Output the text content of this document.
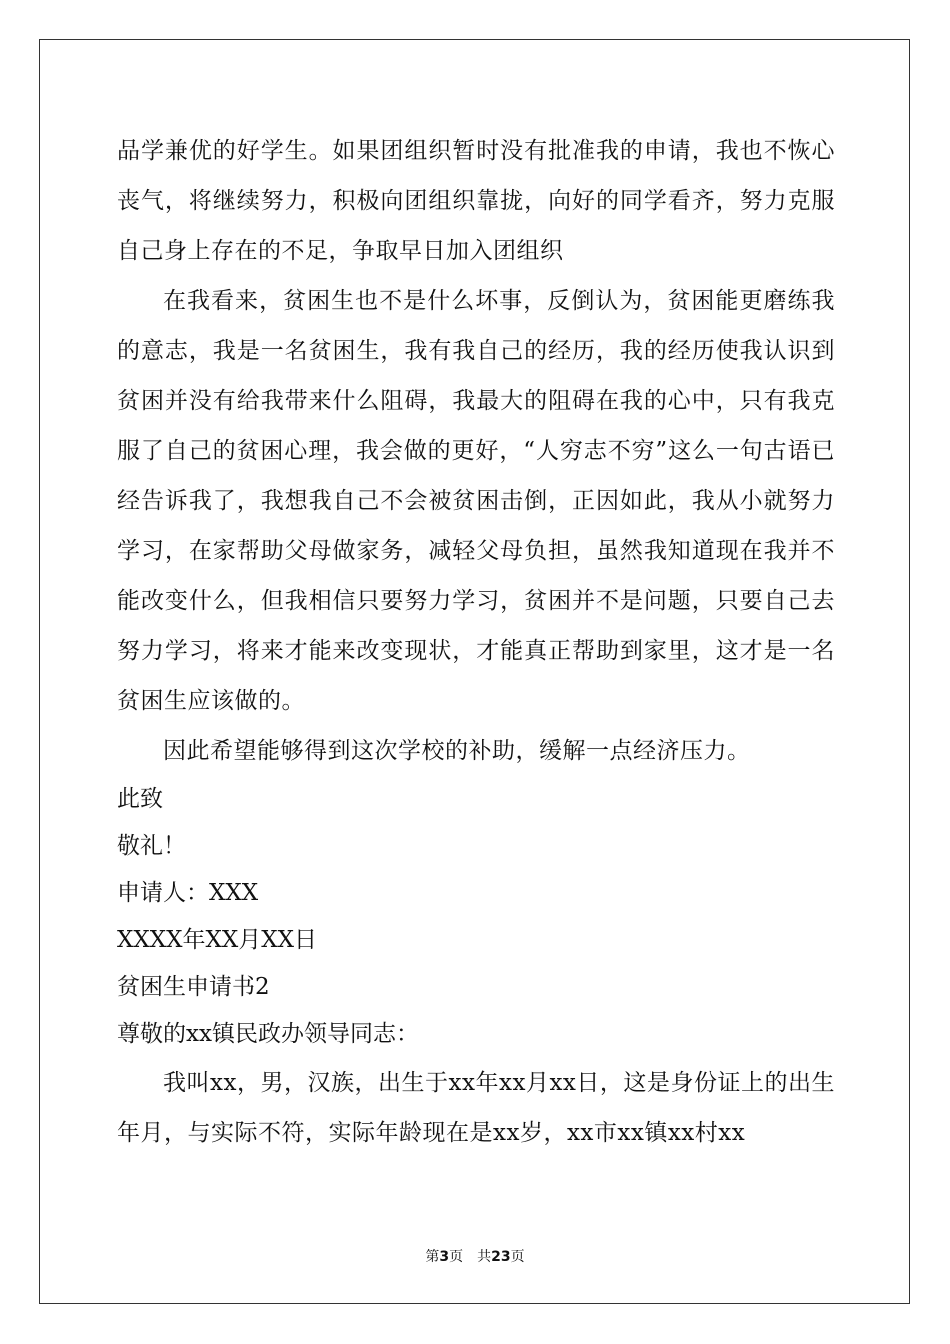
品学兼优的好学生。如果团组织暂时没有批准我的申请，我也不恢心丧气，将继续努力，积极向团组织靠拢，向好的同学看齐，努力克服自己身上存在的不足，争取早日加入团组织

在我看来，贫困生也不是什么坏事，反倒认为，贫困能更磨练我的意志，我是一名贫困生，我有我自己的经历，我的经历使我认识到贫困并没有给我带来什么阻碍，我最大的阻碍在我的心中，只有我克服了自己的贫困心理，我会做的更好，“人穷志不穷”这么一句古语已经告诉我了，我想我自己不会被贫困击倒，正因如此，我从小就努力学习，在家帮助父母做家务，减轻父母负担，虽然我知道现在我并不能改变什么，但我相信只要努力学习，贫困并不是问题，只要自己去努力学习，将来才能来改变现状，才能真正帮助到家里，这才是一名贫困生应该做的。

因此希望能够得到这次学校的补助，缓解一点经济压力。

此致

敬礼！

申请人：XXX

XXXX年XX月XX日

贫困生申请书2

尊敬的xx镇民政办领导同志：

我叫xx，男，汉族，出生于xx年xx月xx日，这是身份证上的出生年月，与实际不符，实际年龄现在是xx岁，xx市xx镇xx村xx

第3页 共23页
